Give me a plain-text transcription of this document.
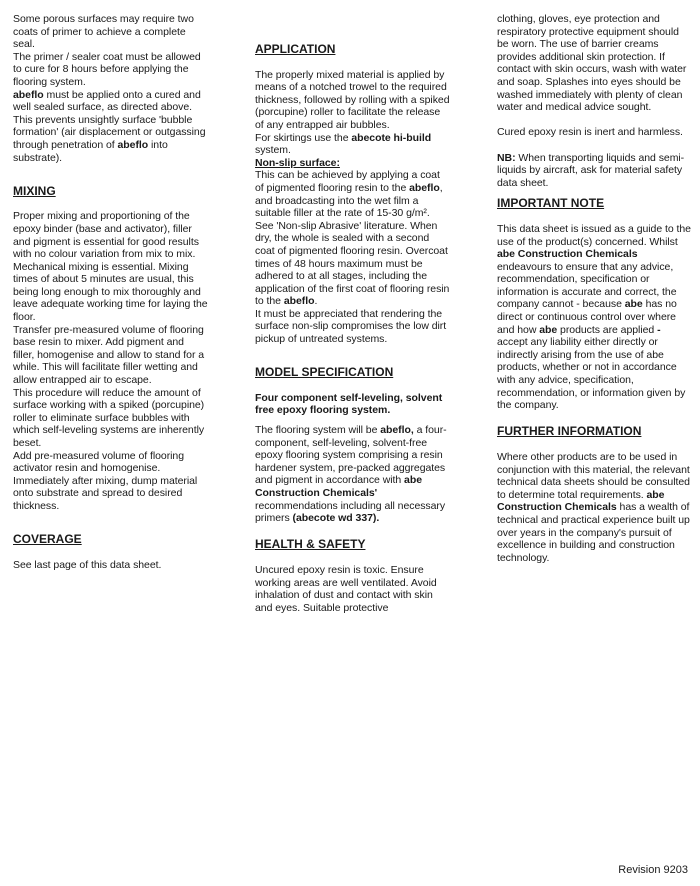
Some porous surfaces may require two coats of primer to achieve a complete seal.

The primer / sealer coat must be allowed to cure for 8 hours before applying the flooring system.

abeflo must be applied onto a cured and well sealed surface, as directed above. This prevents unsightly surface 'bubble formation' (air displacement or outgassing through penetration of abeflo into substrate).

MIXING

Proper mixing and proportioning of the epoxy binder (base and activator), filler and pigment is essential for good results with no colour variation from mix to mix. Mechanical mixing is essential. Mixing times of about 5 minutes are usual, this being long enough to mix thoroughly and leave adequate working time for laying the floor.

Transfer pre-measured volume of flooring base resin to mixer. Add pigment and filler, homogenise and allow to stand for a while. This will facilitate filler wetting and allow entrapped air to escape.

This procedure will reduce the amount of surface working with a spiked (porcupine) roller to eliminate surface bubbles with which self-leveling systems are inherently beset.

Add pre-measured volume of flooring activator resin and homogenise. Immediately after mixing, dump material onto substrate and spread to desired thickness.

COVERAGE

See last page of this data sheet.

APPLICATION

The properly mixed material is applied by means of a notched trowel to the required thickness, followed by rolling with a spiked (porcupine) roller to facilitate the release of any entrapped air bubbles.

For skirtings use the abecote hi-build system.

Non-slip surface:

This can be achieved by applying a coat of pigmented flooring resin to the abeflo, and broadcasting into the wet film a suitable filler at the rate of 15-30 g/m². See 'Non-slip Abrasive' literature. When dry, the whole is sealed with a second coat of pigmented flooring resin. Overcoat times of 48 hours maximum must be adhered to at all stages, including the application of the first coat of flooring resin to the abeflo.

It must be appreciated that rendering the surface non-slip compromises the low dirt pickup of untreated systems.

MODEL SPECIFICATION

Four component self-leveling, solvent free epoxy flooring system.

The flooring system will be abeflo, a four-component, self-leveling, solvent-free epoxy flooring system comprising a resin hardener system, pre-packed aggregates and pigment in accordance with abe Construction Chemicals' recommendations including all necessary primers (abecote wd 337).

HEALTH & SAFETY

Uncured epoxy resin is toxic. Ensure working areas are well ventilated. Avoid inhalation of dust and contact with skin and eyes. Suitable protective

clothing, gloves, eye protection and respiratory protective equipment should be worn. The use of barrier creams provides additional skin protection. If contact with skin occurs, wash with water and soap. Splashes into eyes should be washed immediately with plenty of clean water and medical advice sought.

Cured epoxy resin is inert and harmless.

NB: When transporting liquids and semi-liquids by aircraft, ask for material safety data sheet.

IMPORTANT NOTE

This data sheet is issued as a guide to the use of the product(s) concerned. Whilst abe Construction Chemicals endeavours to ensure that any advice, recommendation, specification or information is accurate and correct, the company cannot - because abe has no direct or continuous control over where and how abe products are applied - accept any liability either directly or indirectly arising from the use of abe products, whether or not in accordance with any advice, specification, recommendation, or information given by the company.

FURTHER INFORMATION

Where other products are to be used in conjunction with this material, the relevant technical data sheets should be consulted to determine total requirements. abe Construction Chemicals has a wealth of technical and practical experience built up over years in the company's pursuit of excellence in building and construction technology.

Revision 9203
